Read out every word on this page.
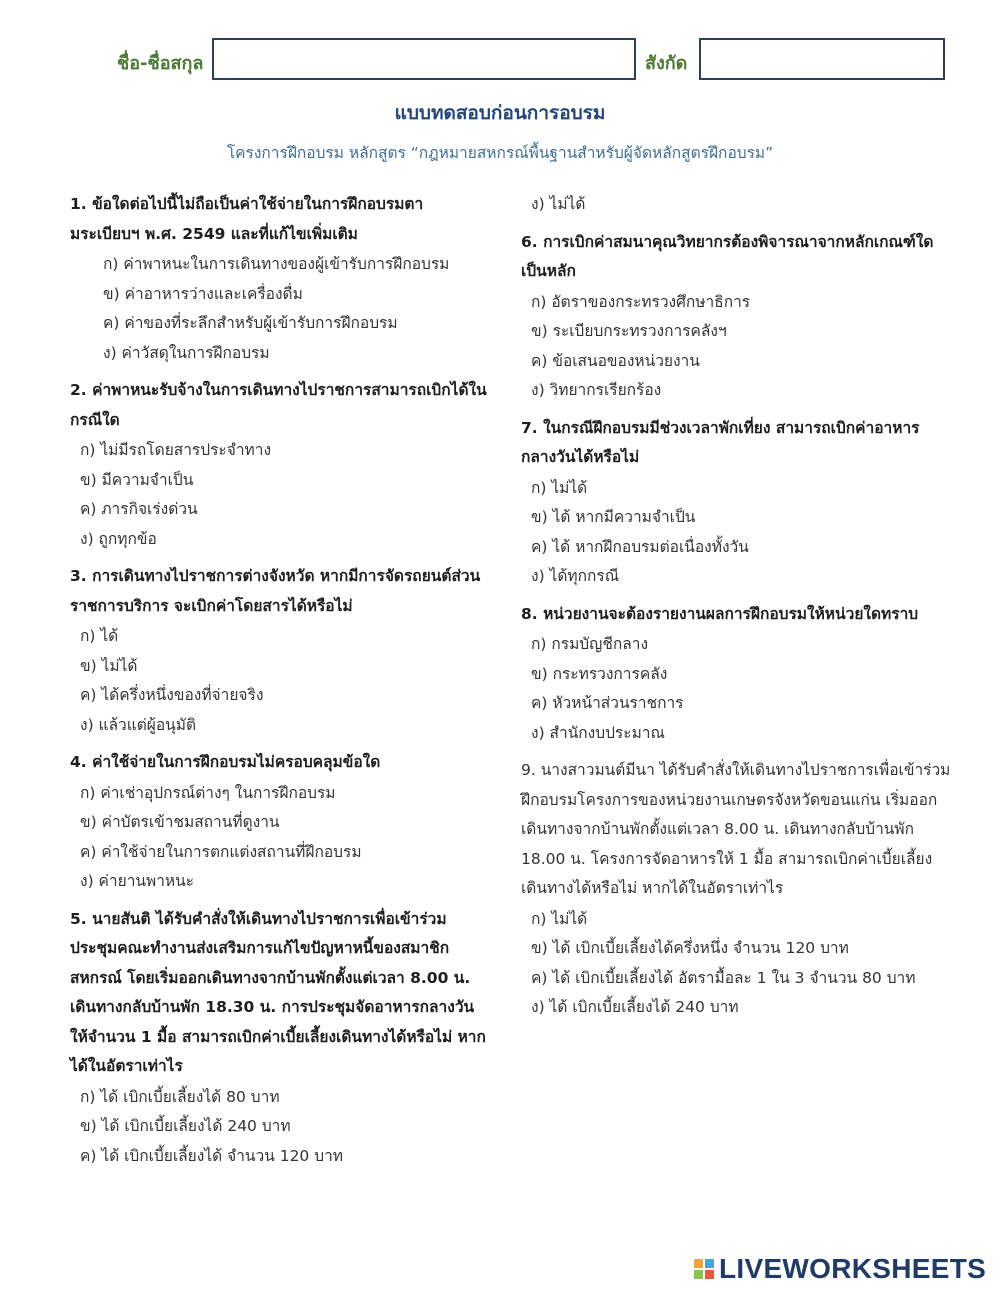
ชื่อ-ชื่อสกุล	สังกัด
แบบทดสอบก่อนการอบรม
โครงการฝึกอบรม หลักสูตร “กฎหมายสหกรณ์พื้นฐานสำหรับผู้จัดหลักสูตรฝึกอบรม”
1. ข้อใดต่อไปนี้ไม่ถือเป็นค่าใช้จ่ายในการฝึกอบรมตามระเบียบฯ พ.ศ. 2549 และที่แก้ไขเพิ่มเติม
ก) ค่าพาหนะในการเดินทางของผู้เข้ารับการฝึกอบรม
ข) ค่าอาหารว่างและเครื่องดื่ม
ค) ค่าของที่ระลึกสำหรับผู้เข้ารับการฝึกอบรม
ง) ค่าวัสดุในการฝึกอบรม
2. ค่าพาหนะรับจ้างในการเดินทางไปราชการสามารถเบิกได้ในกรณีใด
ก) ไม่มีรถโดยสารประจำทาง
ข) มีความจำเป็น
ค) ภารกิจเร่งด่วน
ง) ถูกทุกข้อ
3. การเดินทางไปราชการต่างจังหวัด หากมีการจัดรถยนต์ส่วนราชการบริการ จะเบิกค่าโดยสารได้หรือไม่
ก) ได้
ข) ไม่ได้
ค) ได้ครึ่งหนึ่งของที่จ่ายจริง
ง) แล้วแต่ผู้อนุมัติ
4. ค่าใช้จ่ายในการฝึกอบรมไม่ครอบคลุมข้อใด
ก) ค่าเช่าอุปกรณ์ต่างๆ ในการฝึกอบรม
ข) ค่าบัตรเข้าชมสถานที่ดูงาน
ค) ค่าใช้จ่ายในการตกแต่งสถานที่ฝึกอบรม
ง) ค่ายานพาหนะ
5. นายสันติ ได้รับคำสั่งให้เดินทางไปราชการเพื่อเข้าร่วมประชุมคณะทำงานส่งเสริมการแก้ไขปัญหาหนี้ของสมาชิกสหกรณ์ โดยเริ่มออกเดินทางจากบ้านพักตั้งแต่เวลา 8.00 น. เดินทางกลับบ้านพัก 18.30 น. การประชุมจัดอาหารกลางวันให้จำนวน 1 มื้อ สามารถเบิกค่าเบี้ยเลี้ยงเดินทางได้หรือไม่ หากได้ในอัตราเท่าไร
ก) ได้ เบิกเบี้ยเลี้ยงได้ 80 บาท
ข) ได้ เบิกเบี้ยเลี้ยงได้ 240 บาท
ค) ได้ เบิกเบี้ยเลี้ยงได้ จำนวน 120 บาท
ง) ไม่ได้
6. การเบิกค่าสมนาคุณวิทยากรต้องพิจารณาจากหลักเกณฑ์ใดเป็นหลัก
ก) อัตราของกระทรวงศึกษาธิการ
ข) ระเบียบกระทรวงการคลังฯ
ค) ข้อเสนอของหน่วยงาน
ง) วิทยากรเรียกร้อง
7. ในกรณีฝึกอบรมมีช่วงเวลาพักเที่ยง สามารถเบิกค่าอาหารกลางวันได้หรือไม่
ก) ไม่ได้
ข) ได้ หากมีความจำเป็น
ค) ได้ หากฝึกอบรมต่อเนื่องทั้งวัน
ง) ได้ทุกกรณี
8. หน่วยงานจะต้องรายงานผลการฝึกอบรมให้หน่วยใดทราบ
ก) กรมบัญชีกลาง
ข) กระทรวงการคลัง
ค) หัวหน้าส่วนราชการ
ง) สำนักงบประมาณ
9. นางสาวมนต์มีนา ได้รับคำสั่งให้เดินทางไปราชการเพื่อเข้าร่วมฝึกอบรมโครงการของหน่วยงานเกษตรจังหวัดขอนแก่น เริ่มออกเดินทางจากบ้านพักตั้งแต่เวลา 8.00 น. เดินทางกลับบ้านพัก 18.00 น. โครงการจัดอาหารให้ 1 มื้อ สามารถเบิกค่าเบี้ยเลี้ยงเดินทางได้หรือไม่ หากได้ในอัตราเท่าไร
ก) ไม่ได้
ข) ได้ เบิกเบี้ยเลี้ยงได้ครึ่งหนึ่ง จำนวน 120 บาท
ค) ได้ เบิกเบี้ยเลี้ยงได้ อัตรามื้อละ 1 ใน 3 จำนวน 80 บาท
ง) ได้ เบิกเบี้ยเลี้ยงได้ 240 บาท
LIVEWORKSHEETS
